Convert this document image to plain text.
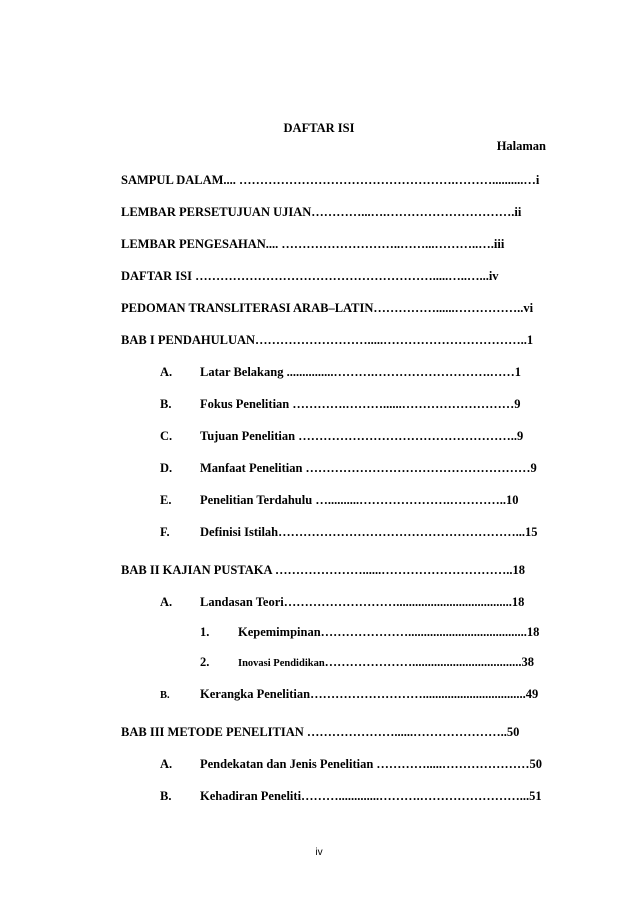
DAFTAR ISI
Halaman
SAMPUL DALAM.... …………………………………………….………..........…i
LEMBAR PERSETUJUAN UJIAN…………...….………………………….ii
LEMBAR PENGESAHAN.... ………………………..……...………..….iii
DAFTAR ISI ………………………………………………….....…..…...iv
PEDOMAN TRANSLITERASI ARAB–LATIN……………......……………..vi
BAB I PENDAHULUAN……………………….....……………………………..1
A. Latar Belakang ...............……….……………………….……1
B. Fokus Penelitian ………….………......………………………9
C. Tujuan Penelitian ……………………………………………..9
D. Manfaat Penelitian ………………………………………………9
E. Penelitian Terdahulu …..........………………….…………..10
F. Definisi Istilah…………………………………………………...15
BAB II KAJIAN PUSTAKA …………………......…………………………..18
A. Landasan Teori……………………….....................................18
1. Kepemimpinan…………………......................................18
2.	Inovasi Pendidikan…………………...................................38
B. Kerangka Penelitian……………………….................................49
BAB III METODE PENELITIAN …………………......…………………..50
A. Pendekatan dan Jenis Penelitian ………….....…………………50
B. Kehadiran Peneliti……….............……….……………………...51
iv
